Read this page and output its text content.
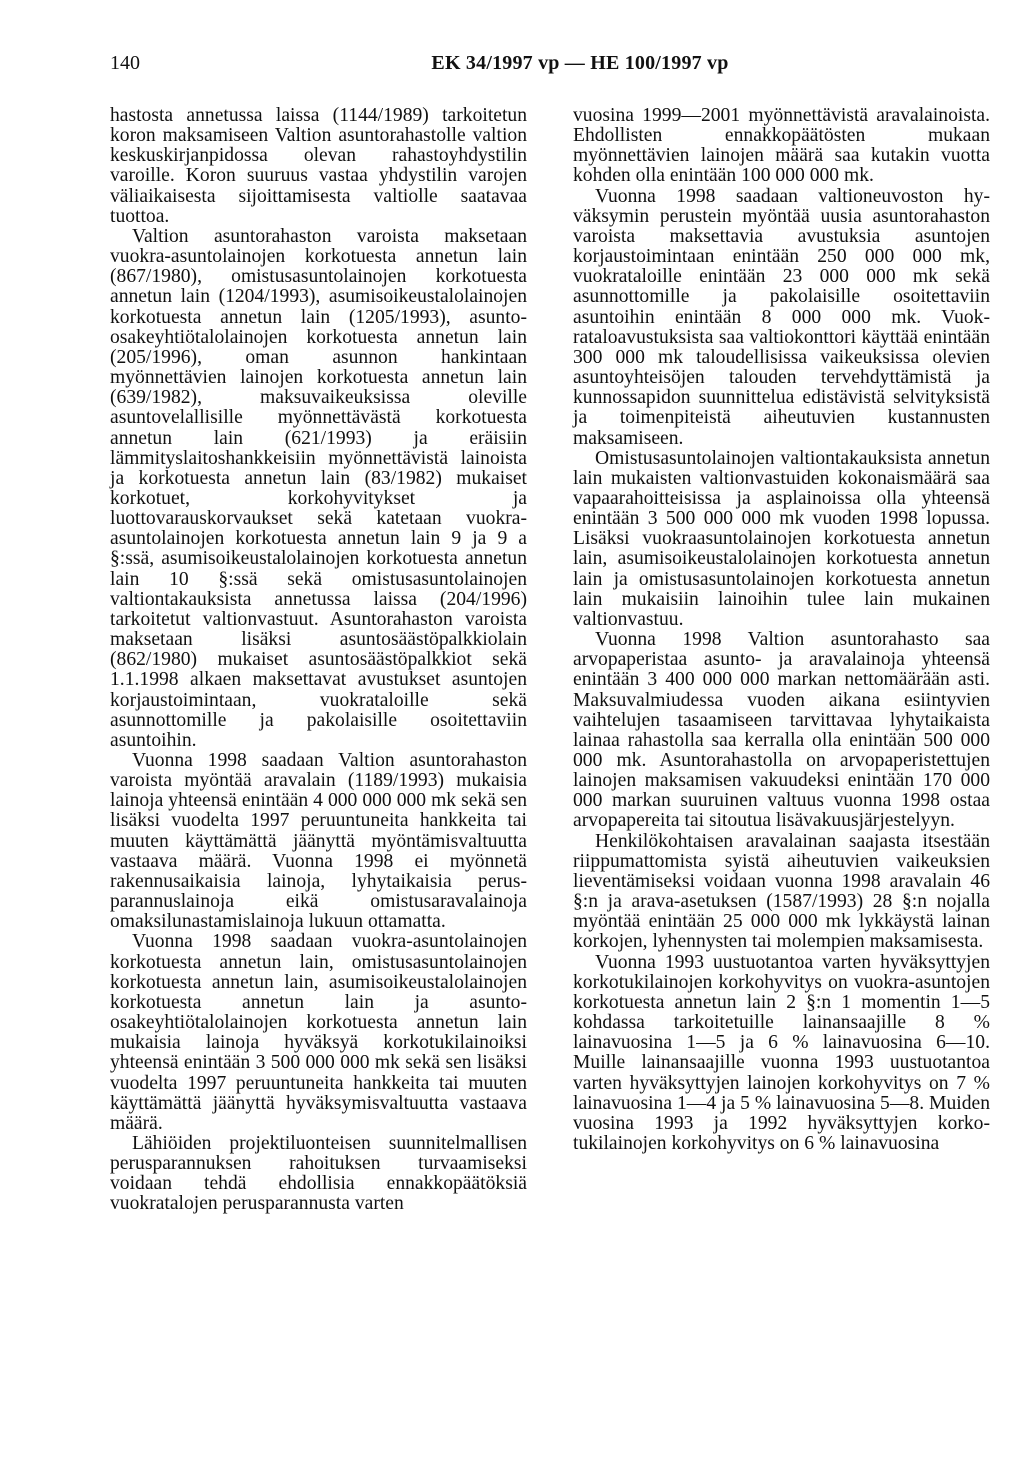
140	EK 34/1997 vp — HE 100/1997 vp

hastosta annetussa laissa (1144/1989) tarkoitetun koron maksamiseen Valtion asuntorahastolle valtion keskuskirjanpidossa olevan rahastoyhdystilin varoille. Koron suuruus vastaa yhdystilin varojen väliaikaisesta sijoittamisesta valtiolle saatavaa tuottoa.

Valtion asuntorahaston varoista maksetaan vuokra-asuntolainojen korkotuesta annetun lain (867/1980), omistusasuntolainojen korkotuesta annetun lain (1204/1993), asumisoikeustalolainojen korkotuesta annetun lain (1205/1993), asunto-osakeyhtiötalolainojen korkotuesta annetun lain (205/1996), oman asunnon hankintaan myönnettävien lainojen korkotuesta annetun lain (639/1982), maksuvaikeuksissa oleville asuntovelallisille myönnettävästä korkotuesta annetun lain (621/1993) ja eräisiin lämmityslaitoshankkeisiin myönnettävistä lainoista ja korkotuesta annetun lain (83/1982) mukaiset korkotuet, korkohyvitykset ja luottovarauskorvaukset sekä katetaan vuokra-asuntolainojen korkotuesta annetun lain 9 ja 9 a §:ssä, asumisoikeustalolainojen korkotuesta annetun lain 10 §:ssä sekä omistusasuntolainojen valtiontakauksista annetussa laissa (204/1996) tarkoitetut valtionvastuut. Asuntorahaston varoista maksetaan lisäksi asuntosäästöpalkkiolain (862/1980) mukaiset asuntosäästöpalkkiot sekä 1.1.1998 alkaen maksettavat avustukset asuntojen korjaustoimintaan, vuokrataloille sekä asunnottomille ja pakolaisille osoitettaviin asuntoihin.

Vuonna 1998 saadaan Valtion asuntorahaston varoista myöntää aravalain (1189/1993) mukaisia lainoja yhteensä enintään 4 000 000 000 mk sekä sen lisäksi vuodelta 1997 peruuntuneita hankkeita tai muuten käyttämättä jäänyttä myöntämisvaltuutta vastaava määrä. Vuonna 1998 ei myönnetä rakennusaikaisia lainoja, lyhytaikaisia perusparannuslainoja eikä omistusaravalainoja omaksilunastamislainoja lukuun ottamatta.

Vuonna 1998 saadaan vuokra-asuntolainojen korkotuesta annetun lain, omistusasuntolainojen korkotuesta annetun lain, asumisoikeustalolainojen korkotuesta annetun lain ja asunto-osakeyhtiötalolainojen korkotuesta annetun lain mukaisia lainoja hyväksyä korkotukilainoiksi yhteensä enintään 3 500 000 000 mk sekä sen lisäksi vuodelta 1997 peruuntuneita hankkeita tai muuten käyttämättä jäänyttä hyväksymisvaltuutta vastaava määrä.

Lähiöiden projektiluonteisen suunnitelmallisen perusparannuksen rahoituksen turvaamiseksi voidaan tehdä ehdollisia ennakkopäätöksiä vuokratalojen perusparannusta varten

vuosina 1999—2001 myönnettävistä aravalainoista. Ehdollisten ennakkopäätösten mukaan myönnettävien lainojen määrä saa kutakin vuotta kohden olla enintään 100 000 000 mk.

Vuonna 1998 saadaan valtioneuvoston hyväksymin perustein myöntää uusia asuntorahaston varoista maksettavia avustuksia asuntojen korjaustoimintaan enintään 250 000 000 mk, vuokrataloille enintään 23 000 000 mk sekä asunnottomille ja pakolaisille osoitettaviin asuntoihin enintään 8 000 000 mk. Vuokrataloavustuksista saa valtiokonttori käyttää enintään 300 000 mk taloudellisissa vaikeuksissa olevien asuntoyhteisöjen talouden tervehdyttämistä ja kunnossapidon suunnittelua edistävistä selvityksistä ja toimenpiteistä aiheutuvien kustannusten maksamiseen.

Omistusasuntolainojen valtiontakauksista annetun lain mukaisten valtionvastuiden kokonaismäärä saa vapaarahoitteisissa ja asplainoissa olla yhteensä enintään 3 500 000 000 mk vuoden 1998 lopussa. Lisäksi vuokraasuntolainojen korkotuesta annetun lain, asumisoikeustalolainojen korkotuesta annetun lain ja omistusasuntolainojen korkotuesta annetun lain mukaisiin lainoihin tulee lain mukainen valtionvastuu.

Vuonna 1998 Valtion asuntorahasto saa arvopaperistaa asunto- ja aravalainoja yhteensä enintään 3 400 000 000 markan nettomäärään asti. Maksuvalmiudessa vuoden aikana esiintyvien vaihtelujen tasaamiseen tarvittavaa lyhytaikaista lainaa rahastolla saa kerralla olla enintään 500 000 000 mk. Asuntorahastolla on arvopaperistettujen lainojen maksamisen vakuudeksi enintään 170 000 000 markan suuruinen valtuus vuonna 1998 ostaa arvopapereita tai sitoutua lisävakuusjärjestelyyn.

Henkilökohtaisen aravalainan saajasta itsestään riippumattomista syistä aiheutuvien vaikeuksien lieventämiseksi voidaan vuonna 1998 aravalain 46 §:n ja arava-asetuksen (1587/1993) 28 §:n nojalla myöntää enintään 25 000 000 mk lykkäystä lainan korkojen, lyhennysten tai molempien maksamisesta.

Vuonna 1993 uustuotantoa varten hyväksyttyjen korkotukilainojen korkohyvitys on vuokra-asuntojen korkotuesta annetun lain 2 §:n 1 momentin 1—5 kohdassa tarkoitetuille lainansaajille 8 % lainavuosina 1—5 ja 6 % lainavuosina 6—10. Muille lainansaajille vuonna 1993 uustuotantoa varten hyväksyttyjen lainojen korkohyvitys on 7 % lainavuosina 1—4 ja 5 % lainavuosina 5—8. Muiden vuosina 1993 ja 1992 hyväksyttyjen korkotukilainojen korkohyvitys on 6 % lainavuosina
